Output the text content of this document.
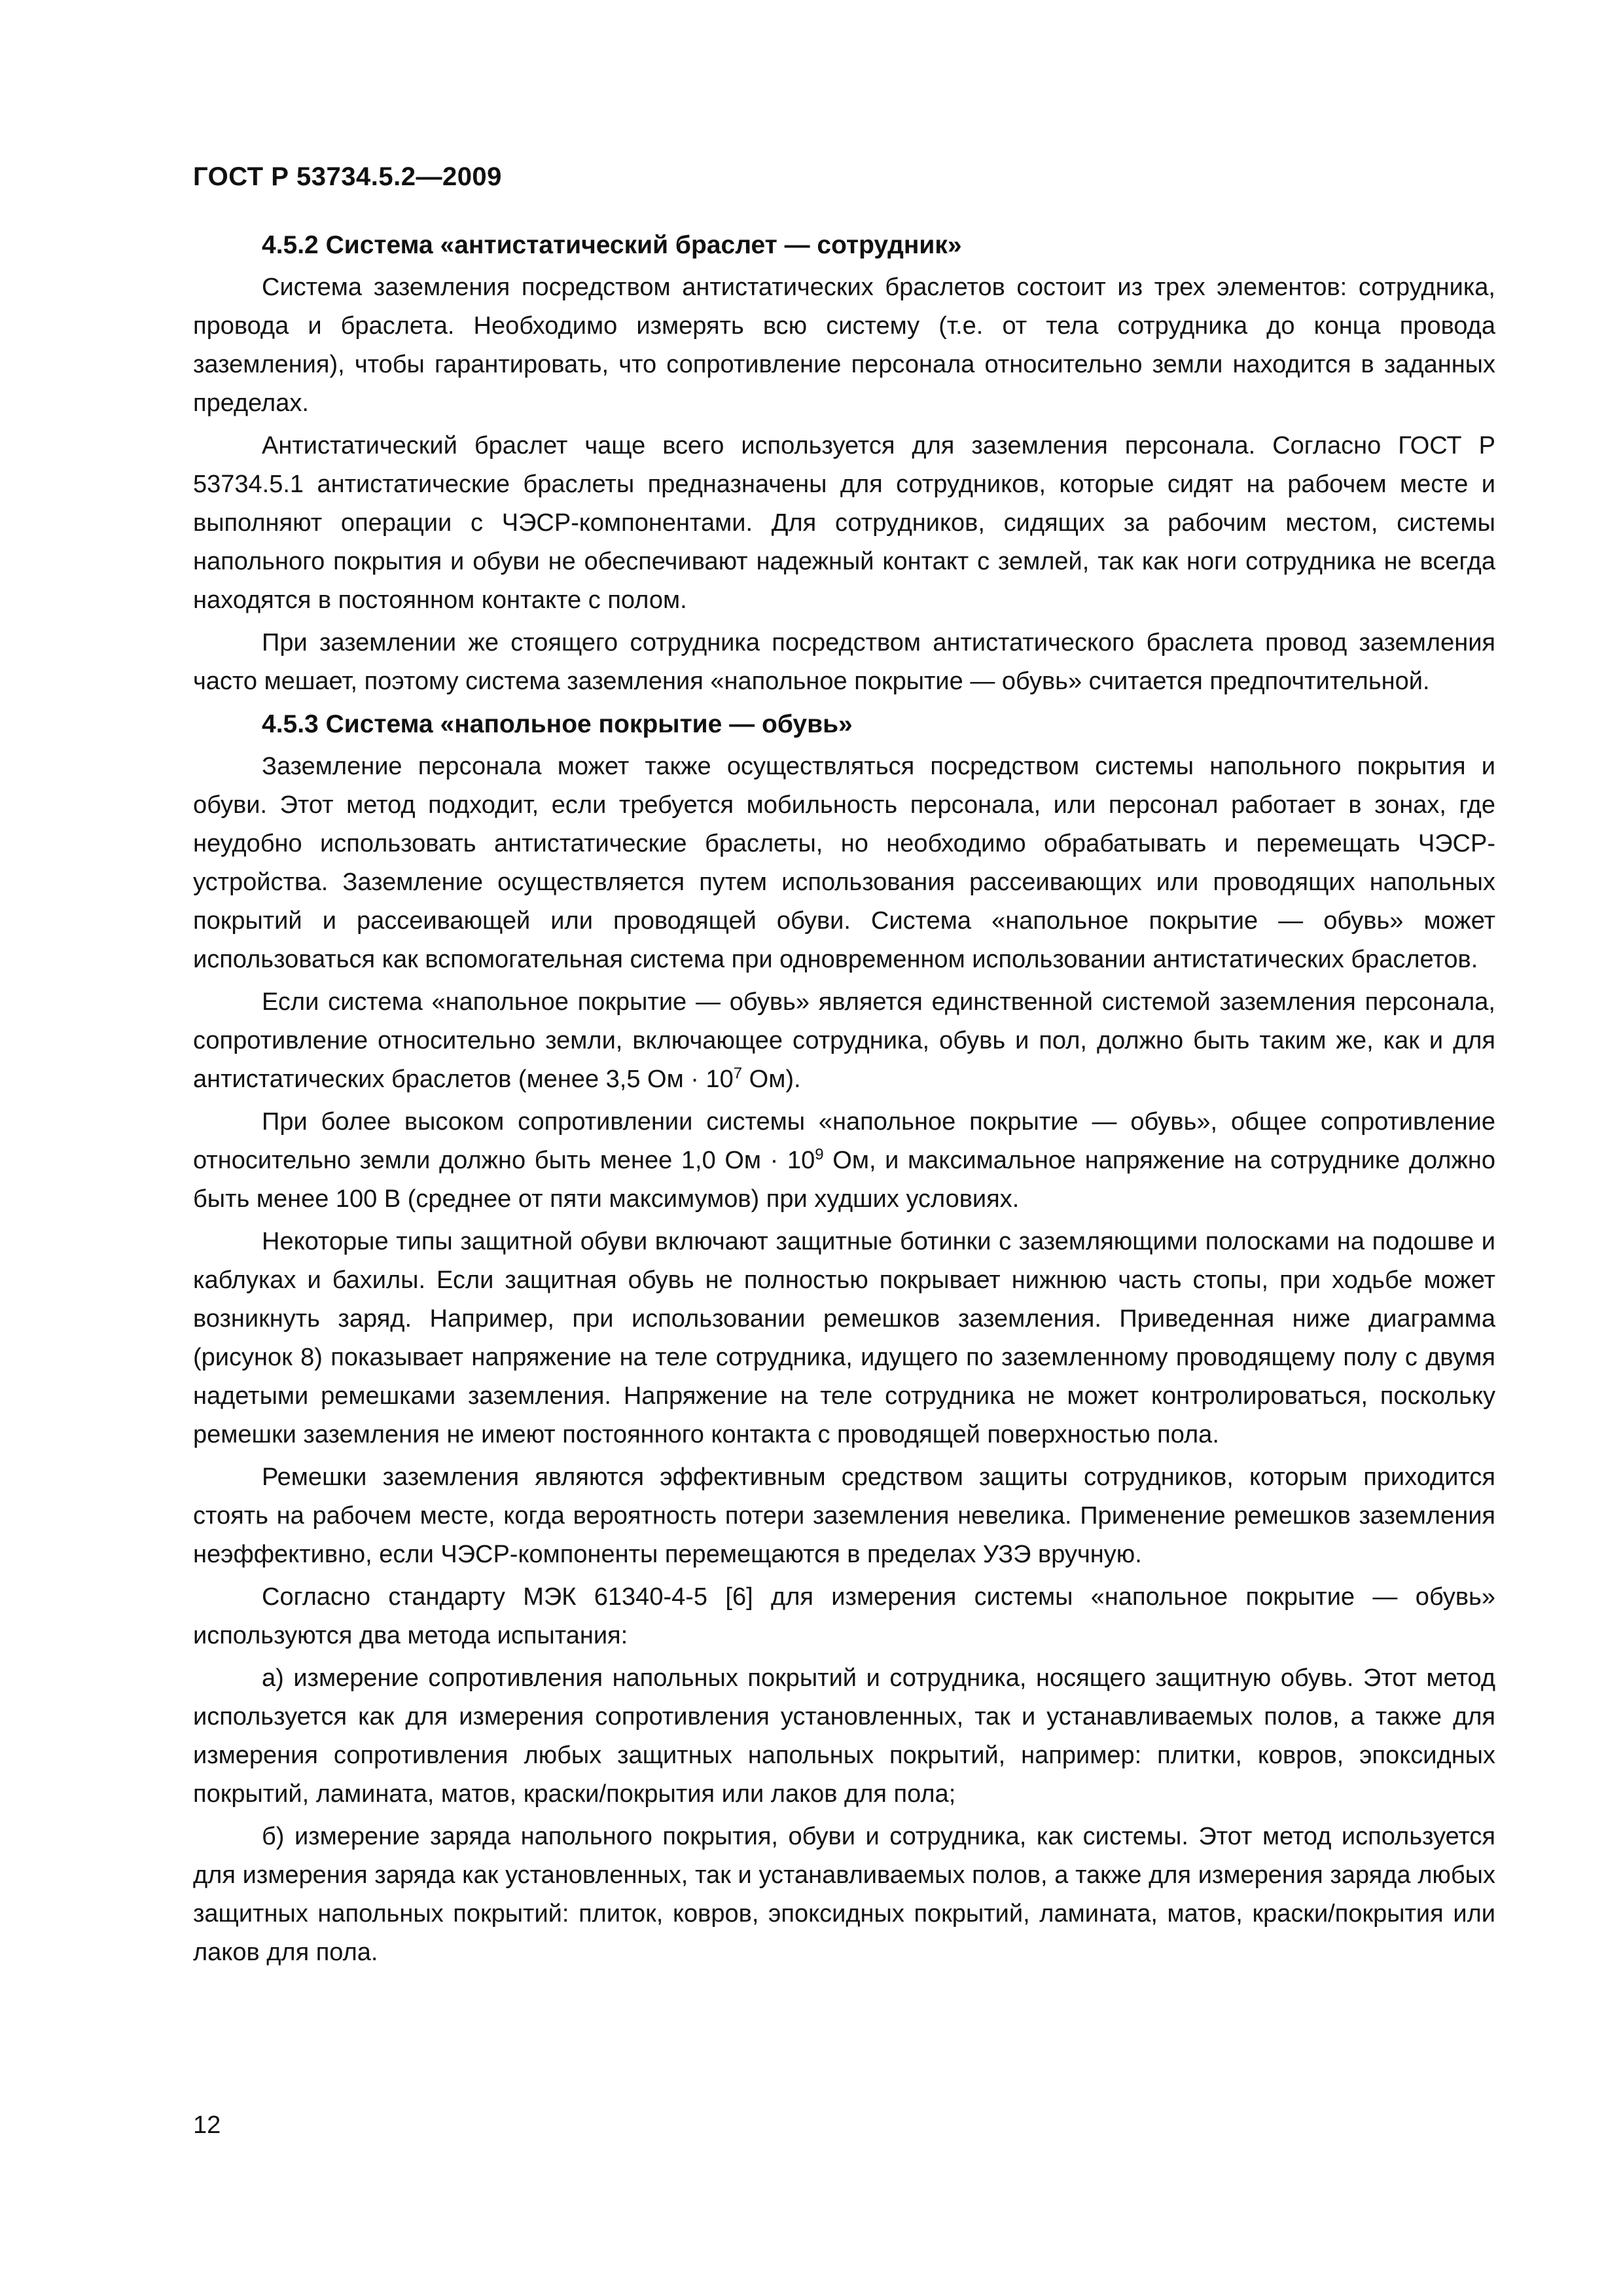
ГОСТ Р 53734.5.2—2009
4.5.2 Система «антистатический браслет — сотрудник»

Система заземления посредством антистатических браслетов состоит из трех элементов: сотрудника, провода и браслета. Необходимо измерять всю систему (т.е. от тела сотрудника до конца провода заземления), чтобы гарантировать, что сопротивление персонала относительно земли находится в заданных пределах.

Антистатический браслет чаще всего используется для заземления персонала. Согласно ГОСТ Р 53734.5.1 антистатические браслеты предназначены для сотрудников, которые сидят на рабочем месте и выполняют операции с ЧЭСР-компонентами. Для сотрудников, сидящих за рабочим местом, системы напольного покрытия и обуви не обеспечивают надежный контакт с землей, так как ноги сотрудника не всегда находятся в постоянном контакте с полом.

При заземлении же стоящего сотрудника посредством антистатического браслета провод заземления часто мешает, поэтому система заземления «напольное покрытие — обувь» считается предпочтительной.

4.5.3 Система «напольное покрытие — обувь»

Заземление персонала может также осуществляться посредством системы напольного покрытия и обуви. Этот метод подходит, если требуется мобильность персонала, или персонал работает в зонах, где неудобно использовать антистатические браслеты, но необходимо обрабатывать и перемещать ЧЭСР-устройства. Заземление осуществляется путем использования рассеивающих или проводящих напольных покрытий и рассеивающей или проводящей обуви. Система «напольное покрытие — обувь» может использоваться как вспомогательная система при одновременном использовании антистатических браслетов.

Если система «напольное покрытие — обувь» является единственной системой заземления персонала, сопротивление относительно земли, включающее сотрудника, обувь и пол, должно быть таким же, как и для антистатических браслетов (менее 3,5 Ом · $10^7$ Ом).

При более высоком сопротивлении системы «напольное покрытие — обувь», общее сопротивление относительно земли должно быть менее 1,0 Ом · $10^9$ Ом, и максимальное напряжение на сотруднике должно быть менее 100 В (среднее от пяти максимумов) при худших условиях.

Некоторые типы защитной обуви включают защитные ботинки с заземляющими полосками на подошве и каблуках и бахилы. Если защитная обувь не полностью покрывает нижнюю часть стопы, при ходьбе может возникнуть заряд. Например, при использовании ремешков заземления. Приведенная ниже диаграмма (рисунок 8) показывает напряжение на теле сотрудника, идущего по заземленному проводящему полу с двумя надетыми ремешками заземления. Напряжение на теле сотрудника не может контролироваться, поскольку ремешки заземления не имеют постоянного контакта с проводящей поверхностью пола.

Ремешки заземления являются эффективным средством защиты сотрудников, которым приходится стоять на рабочем месте, когда вероятность потери заземления невелика. Применение ремешков заземления неэффективно, если ЧЭСР-компоненты перемещаются в пределах УЗЭ вручную.

Согласно стандарту МЭК 61340-4-5 [6] для измерения системы «напольное покрытие — обувь» используются два метода испытания:

а) измерение сопротивления напольных покрытий и сотрудника, носящего защитную обувь. Этот метод используется как для измерения сопротивления установленных, так и устанавливаемых полов, а также для измерения сопротивления любых защитных напольных покрытий, например: плитки, ковров, эпоксидных покрытий, ламината, матов, краски/покрытия или лаков для пола;

б) измерение заряда напольного покрытия, обуви и сотрудника, как системы. Этот метод используется для измерения заряда как установленных, так и устанавливаемых полов, а также для измерения заряда любых защитных напольных покрытий: плиток, ковров, эпоксидных покрытий, ламината, матов, краски/покрытия или лаков для пола.

12
